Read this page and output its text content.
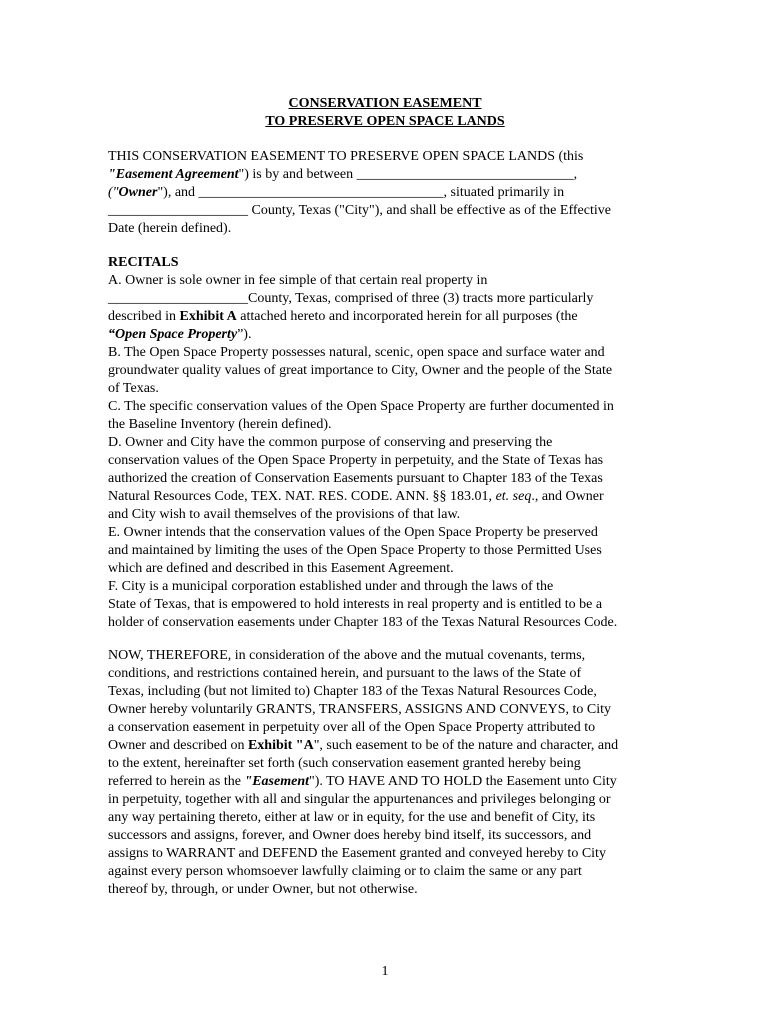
CONSERVATION EASEMENT
TO PRESERVE OPEN SPACE LANDS
THIS CONSERVATION EASEMENT TO PRESERVE OPEN SPACE LANDS (this
"Easement Agreement") is by and between _______________________________,
("Owner"), and ___________________________________, situated primarily in
____________________ County, Texas ("City"), and shall be effective as of the Effective
Date (herein defined).
RECITALS
A. Owner is sole owner in fee simple of that certain real property in
____________________County, Texas, comprised of three (3) tracts more particularly
described in Exhibit A attached hereto and incorporated herein for all purposes (the
“Open Space Property”).
B. The Open Space Property possesses natural, scenic, open space and surface water and
groundwater quality values of great importance to City, Owner and the people of the State
of Texas.
C. The specific conservation values of the Open Space Property are further documented in
the Baseline Inventory (herein defined).
D. Owner and City have the common purpose of conserving and preserving the
conservation values of the Open Space Property in perpetuity, and the State of Texas has
authorized the creation of Conservation Easements pursuant to Chapter 183 of the Texas
Natural Resources Code, TEX. NAT. RES. CODE. ANN. §§ 183.01, et. seq., and Owner
and City wish to avail themselves of the provisions of that law.
E. Owner intends that the conservation values of the Open Space Property be preserved
and maintained by limiting the uses of the Open Space Property to those Permitted Uses
which are defined and described in this Easement Agreement.
F. City is a municipal corporation established under and through the laws of the
State of Texas, that is empowered to hold interests in real property and is entitled to be a
holder of conservation easements under Chapter 183 of the Texas Natural Resources Code.
NOW, THEREFORE, in consideration of the above and the mutual covenants, terms,
conditions, and restrictions contained herein, and pursuant to the laws of the State of
Texas, including (but not limited to) Chapter 183 of the Texas Natural Resources Code,
Owner hereby voluntarily GRANTS, TRANSFERS, ASSIGNS AND CONVEYS, to City
a conservation easement in perpetuity over all of the Open Space Property attributed to
Owner and described on Exhibit "A", such easement to be of the nature and character, and
to the extent, hereinafter set forth (such conservation easement granted hereby being
referred to herein as the "Easement"). TO HAVE AND TO HOLD the Easement unto City
in perpetuity, together with all and singular the appurtenances and privileges belonging or
any way pertaining thereto, either at law or in equity, for the use and benefit of City, its
successors and assigns, forever, and Owner does hereby bind itself, its successors, and
assigns to WARRANT and DEFEND the Easement granted and conveyed hereby to City
against every person whomsoever lawfully claiming or to claim the same or any part
thereof by, through, or under Owner, but not otherwise.
1
